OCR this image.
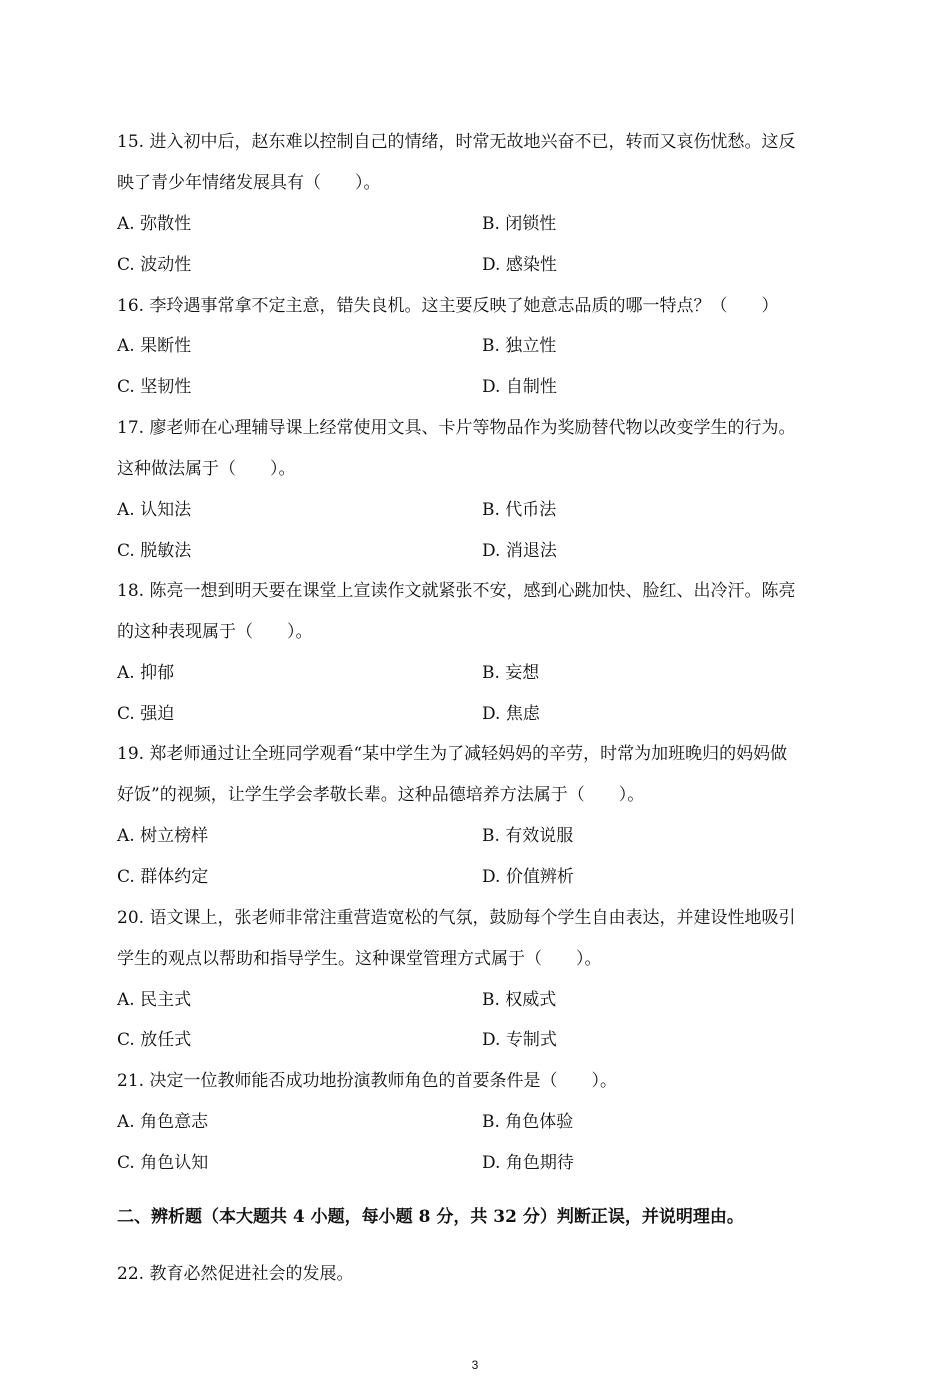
15. 进入初中后，赵东难以控制自己的情绪，时常无故地兴奋不已，转而又哀伤忧愁。这反
映了青少年情绪发展具有（　　）。
A. 弥散性	B. 闭锁性
C. 波动性	D. 感染性
16. 李玲遇事常拿不定主意，错失良机。这主要反映了她意志品质的哪一特点？（　　）
A. 果断性	B. 独立性
C. 坚韧性	D. 自制性
17. 廖老师在心理辅导课上经常使用文具、卡片等物品作为奖励替代物以改变学生的行为。
这种做法属于（　　）。
A. 认知法	B. 代币法
C. 脱敏法	D. 消退法
18. 陈亮一想到明天要在课堂上宣读作文就紧张不安，感到心跳加快、脸红、出冷汗。陈亮
的这种表现属于（　　）。
A. 抑郁	B. 妄想
C. 强迫	D. 焦虑
19. 郑老师通过让全班同学观看“某中学生为了减轻妈妈的辛劳，时常为加班晚归的妈妈做
好饭”的视频，让学生学会孝敬长辈。这种品德培养方法属于（　　）。
A. 树立榜样	B. 有效说服
C. 群体约定	D. 价值辨析
20. 语文课上，张老师非常注重营造宽松的气氛，鼓励每个学生自由表达，并建设性地吸引
学生的观点以帮助和指导学生。这种课堂管理方式属于（　　）。
A. 民主式	B. 权威式
C. 放任式	D. 专制式
21. 决定一位教师能否成功地扮演教师角色的首要条件是（　　）。
A. 角色意志	B. 角色体验
C. 角色认知	D. 角色期待
二、辨析题（本大题共 4 小题，每小题 8 分，共 32 分）判断正误，并说明理由。
22. 教育必然促进社会的发展。
3
